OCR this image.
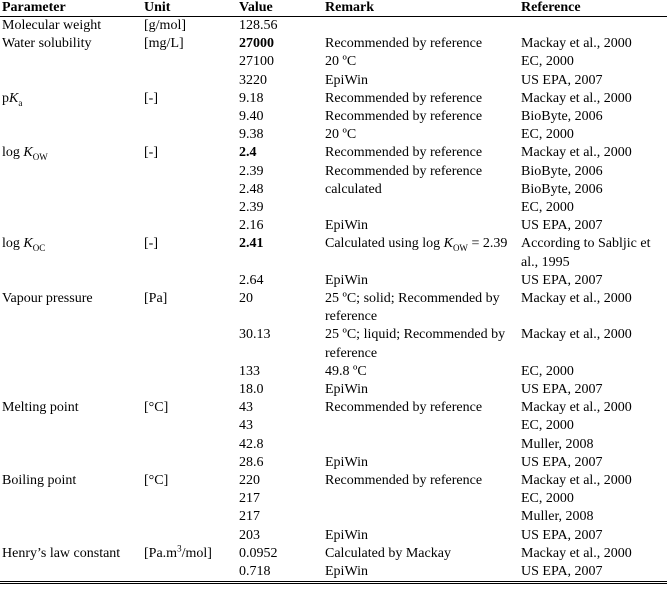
Parameter	Unit	Value	Remark	Reference
Molecular weight	[g/mol]	128.56		
Water solubility	[mg/L]	27000	Recommended by reference	Mackay et al., 2000
		27100	20 ºC	EC, 2000
		3220	EpiWin	US EPA, 2007
$pK_a$	[-]	9.18	Recommended by reference	Mackay et al., 2000
		9.40	Recommended by reference	BioByte, 2006
		9.38	20 ºC	EC, 2000
$\log K_{OW}$	[-]	2.4	Recommended by reference	Mackay et al., 2000
		2.39	Recommended by reference	BioByte, 2006
		2.48	calculated	BioByte, 2006
		2.39		EC, 2000
		2.16	EpiWin	US EPA, 2007
$\log K_{OC}$	[-]	2.41	Calculated using $\log K_{OW} = 2.39$	According to Sabljic et al., 1995
		2.64	EpiWin	US EPA, 2007
Vapour pressure	[Pa]	20	25 ºC; solid; Recommended by reference	Mackay et al., 2000
		30.13	25 ºC; liquid; Recommended by reference	Mackay et al., 2000
		133	49.8 ºC	EC, 2000
		18.0	EpiWin	US EPA, 2007
Melting point	[°C]	43	Recommended by reference	Mackay et al., 2000
		43		EC, 2000
		42.8		Muller, 2008
		28.6	EpiWin	US EPA, 2007
Boiling point	[°C]	220	Recommended by reference	Mackay et al., 2000
		217		EC, 2000
		217		Muller, 2008
		203	EpiWin	US EPA, 2007
Henry’s law constant	$[Pa.m^3/mol]$	0.0952	Calculated by Mackay	Mackay et al., 2000
		0.718	EpiWin	US EPA, 2007
